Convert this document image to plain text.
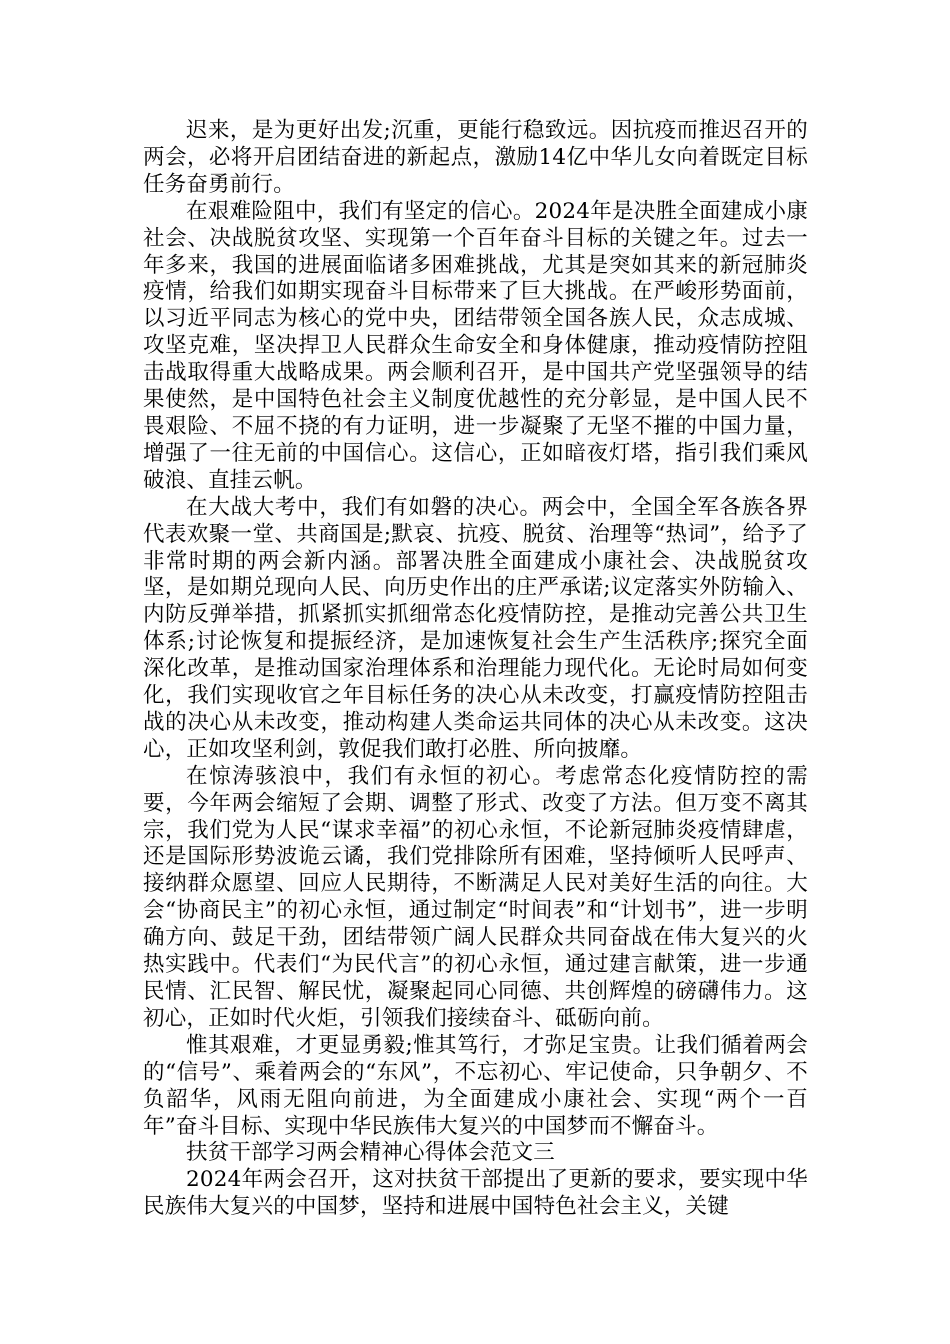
迟来，是为更好出发;沉重，更能行稳致远。因抗疫而推迟召开的两会，必将开启团结奋进的新起点，激励14亿中华儿女向着既定目标任务奋勇前行。

在艰难险阻中，我们有坚定的信心。2024年是决胜全面建成小康社会、决战脱贫攻坚、实现第一个百年奋斗目标的关键之年。过去一年多来，我国的进展面临诸多困难挑战，尤其是突如其来的新冠肺炎疫情，给我们如期实现奋斗目标带来了巨大挑战。在严峻形势面前，以习近平同志为核心的党中央，团结带领全国各族人民，众志成城、攻坚克难，坚决捍卫人民群众生命安全和身体健康，推动疫情防控阻击战取得重大战略成果。两会顺利召开，是中国共产党坚强领导的结果使然，是中国特色社会主义制度优越性的充分彰显，是中国人民不畏艰险、不屈不挠的有力证明，进一步凝聚了无坚不摧的中国力量，增强了一往无前的中国信心。这信心，正如暗夜灯塔，指引我们乘风破浪、直挂云帆。

在大战大考中，我们有如磐的决心。两会中，全国全军各族各界代表欢聚一堂、共商国是;默哀、抗疫、脱贫、治理等“热词”，给予了非常时期的两会新内涵。部署决胜全面建成小康社会、决战脱贫攻坚，是如期兑现向人民、向历史作出的庄严承诺;议定落实外防输入、内防反弹举措，抓紧抓实抓细常态化疫情防控，是推动完善公共卫生体系;讨论恢复和提振经济，是加速恢复社会生产生活秩序;探究全面深化改革，是推动国家治理体系和治理能力现代化。无论时局如何变化，我们实现收官之年目标任务的决心从未改变，打赢疫情防控阻击战的决心从未改变，推动构建人类命运共同体的决心从未改变。这决心，正如攻坚利剑，敦促我们敢打必胜、所向披靡。

在惊涛骇浪中，我们有永恒的初心。考虑常态化疫情防控的需要，今年两会缩短了会期、调整了形式、改变了方法。但万变不离其宗，我们党为人民“谋求幸福”的初心永恒，不论新冠肺炎疫情肆虐，还是国际形势波诡云谲，我们党排除所有困难，坚持倾听人民呼声、接纳群众愿望、回应人民期待，不断满足人民对美好生活的向往。大会“协商民主”的初心永恒，通过制定“时间表”和“计划书”，进一步明确方向、鼓足干劲，团结带领广阔人民群众共同奋战在伟大复兴的火热实践中。代表们“为民代言”的初心永恒，通过建言献策，进一步通民情、汇民智、解民忧，凝聚起同心同德、共创辉煌的磅礴伟力。这初心，正如时代火炬，引领我们接续奋斗、砥砺向前。

惟其艰难，才更显勇毅;惟其笃行，才弥足宝贵。让我们循着两会的“信号”、乘着两会的“东风”，不忘初心、牢记使命，只争朝夕、不负韶华，风雨无阻向前进，为全面建成小康社会、实现“两个一百年”奋斗目标、实现中华民族伟大复兴的中国梦而不懈奋斗。

扶贫干部学习两会精神心得体会范文三

2024年两会召开，这对扶贫干部提出了更新的要求，要实现中华民族伟大复兴的中国梦，坚持和进展中国特色社会主义，关键
